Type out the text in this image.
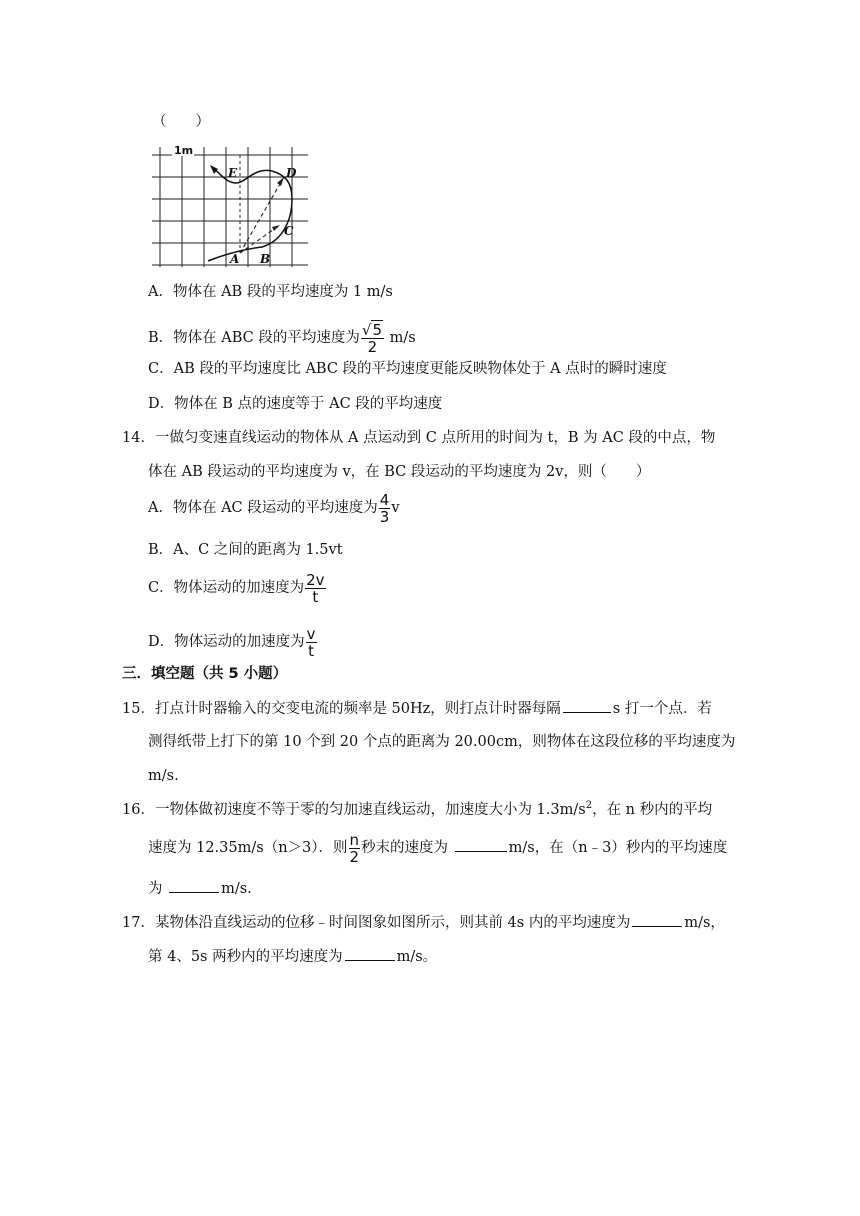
（　　）
1m
E	D
C
A B
A．物体在 AB 段的平均速度为 1 m/s
B．物体在 ABC 段的平均速度为 $\frac{√5}{2} m/s$
C．AB 段的平均速度比 ABC 段的平均速度更能反映物体处于 A 点时的瞬时速度
D．物体在 B 点的速度等于 AC 段的平均速度
14．一做匀变速直线运动的物体从 A 点运动到 C 点所用的时间为 t，B 为 AC 段的中点，物
体在 AB 段运动的平均速度为 v，在 BC 段运动的平均速度为 2v，则（　　）
A．物体在 AC 段运动的平均速度为 $\frac{4}{3}$ v
B．A、C 之间的距离为 1.5vt
C．物体运动的加速度为 $\frac{2v}{t}$
D．物体运动的加速度为 $\frac{v}{t}$
三．填空题（共 5 小题）
15．打点计时器输入的交变电流的频率是 50Hz，则打点计时器每隔	s 打一个点．若
测得纸带上打下的第 10 个到 20 个点的距离为 20.00cm，则物体在这段位移的平均速度为
m/s.
16．一物体做初速度不等于零的匀加速直线运动，加速度大小为 $1.3m/s^2$，在 n 秒内的平均
速度为 12.35m/s（n＞3）．则 $\frac{n}{2}$ 秒末的速度为	m/s，在（n﹣3）秒内的平均速度
为	m/s.
17．某物体沿直线运动的位移﹣时间图象如图所示，则其前 4s 内的平均速度为	m/s，
第 4、5s 两秒内的平均速度为	m/s。
